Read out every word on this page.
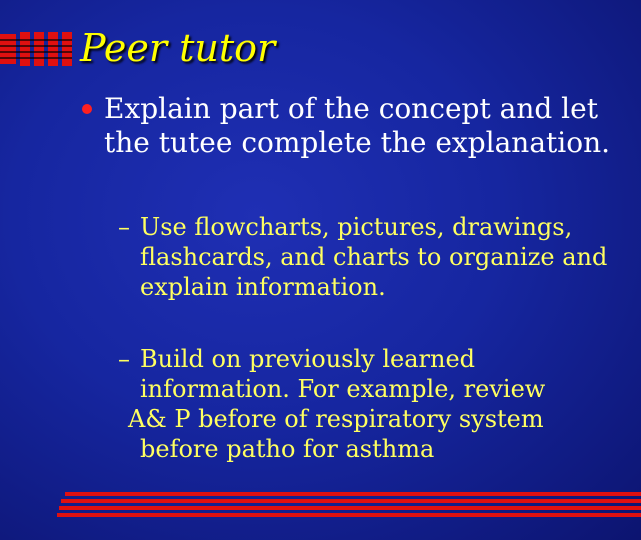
Peer tutor
Explain part of the concept and let the tutee complete the explanation.
– Use flowcharts, pictures, drawings,
flashcards, and charts to organize and
explain information.
– Build on previously learned
information. For example, review
A& P before of respiratory system
before patho for asthma
